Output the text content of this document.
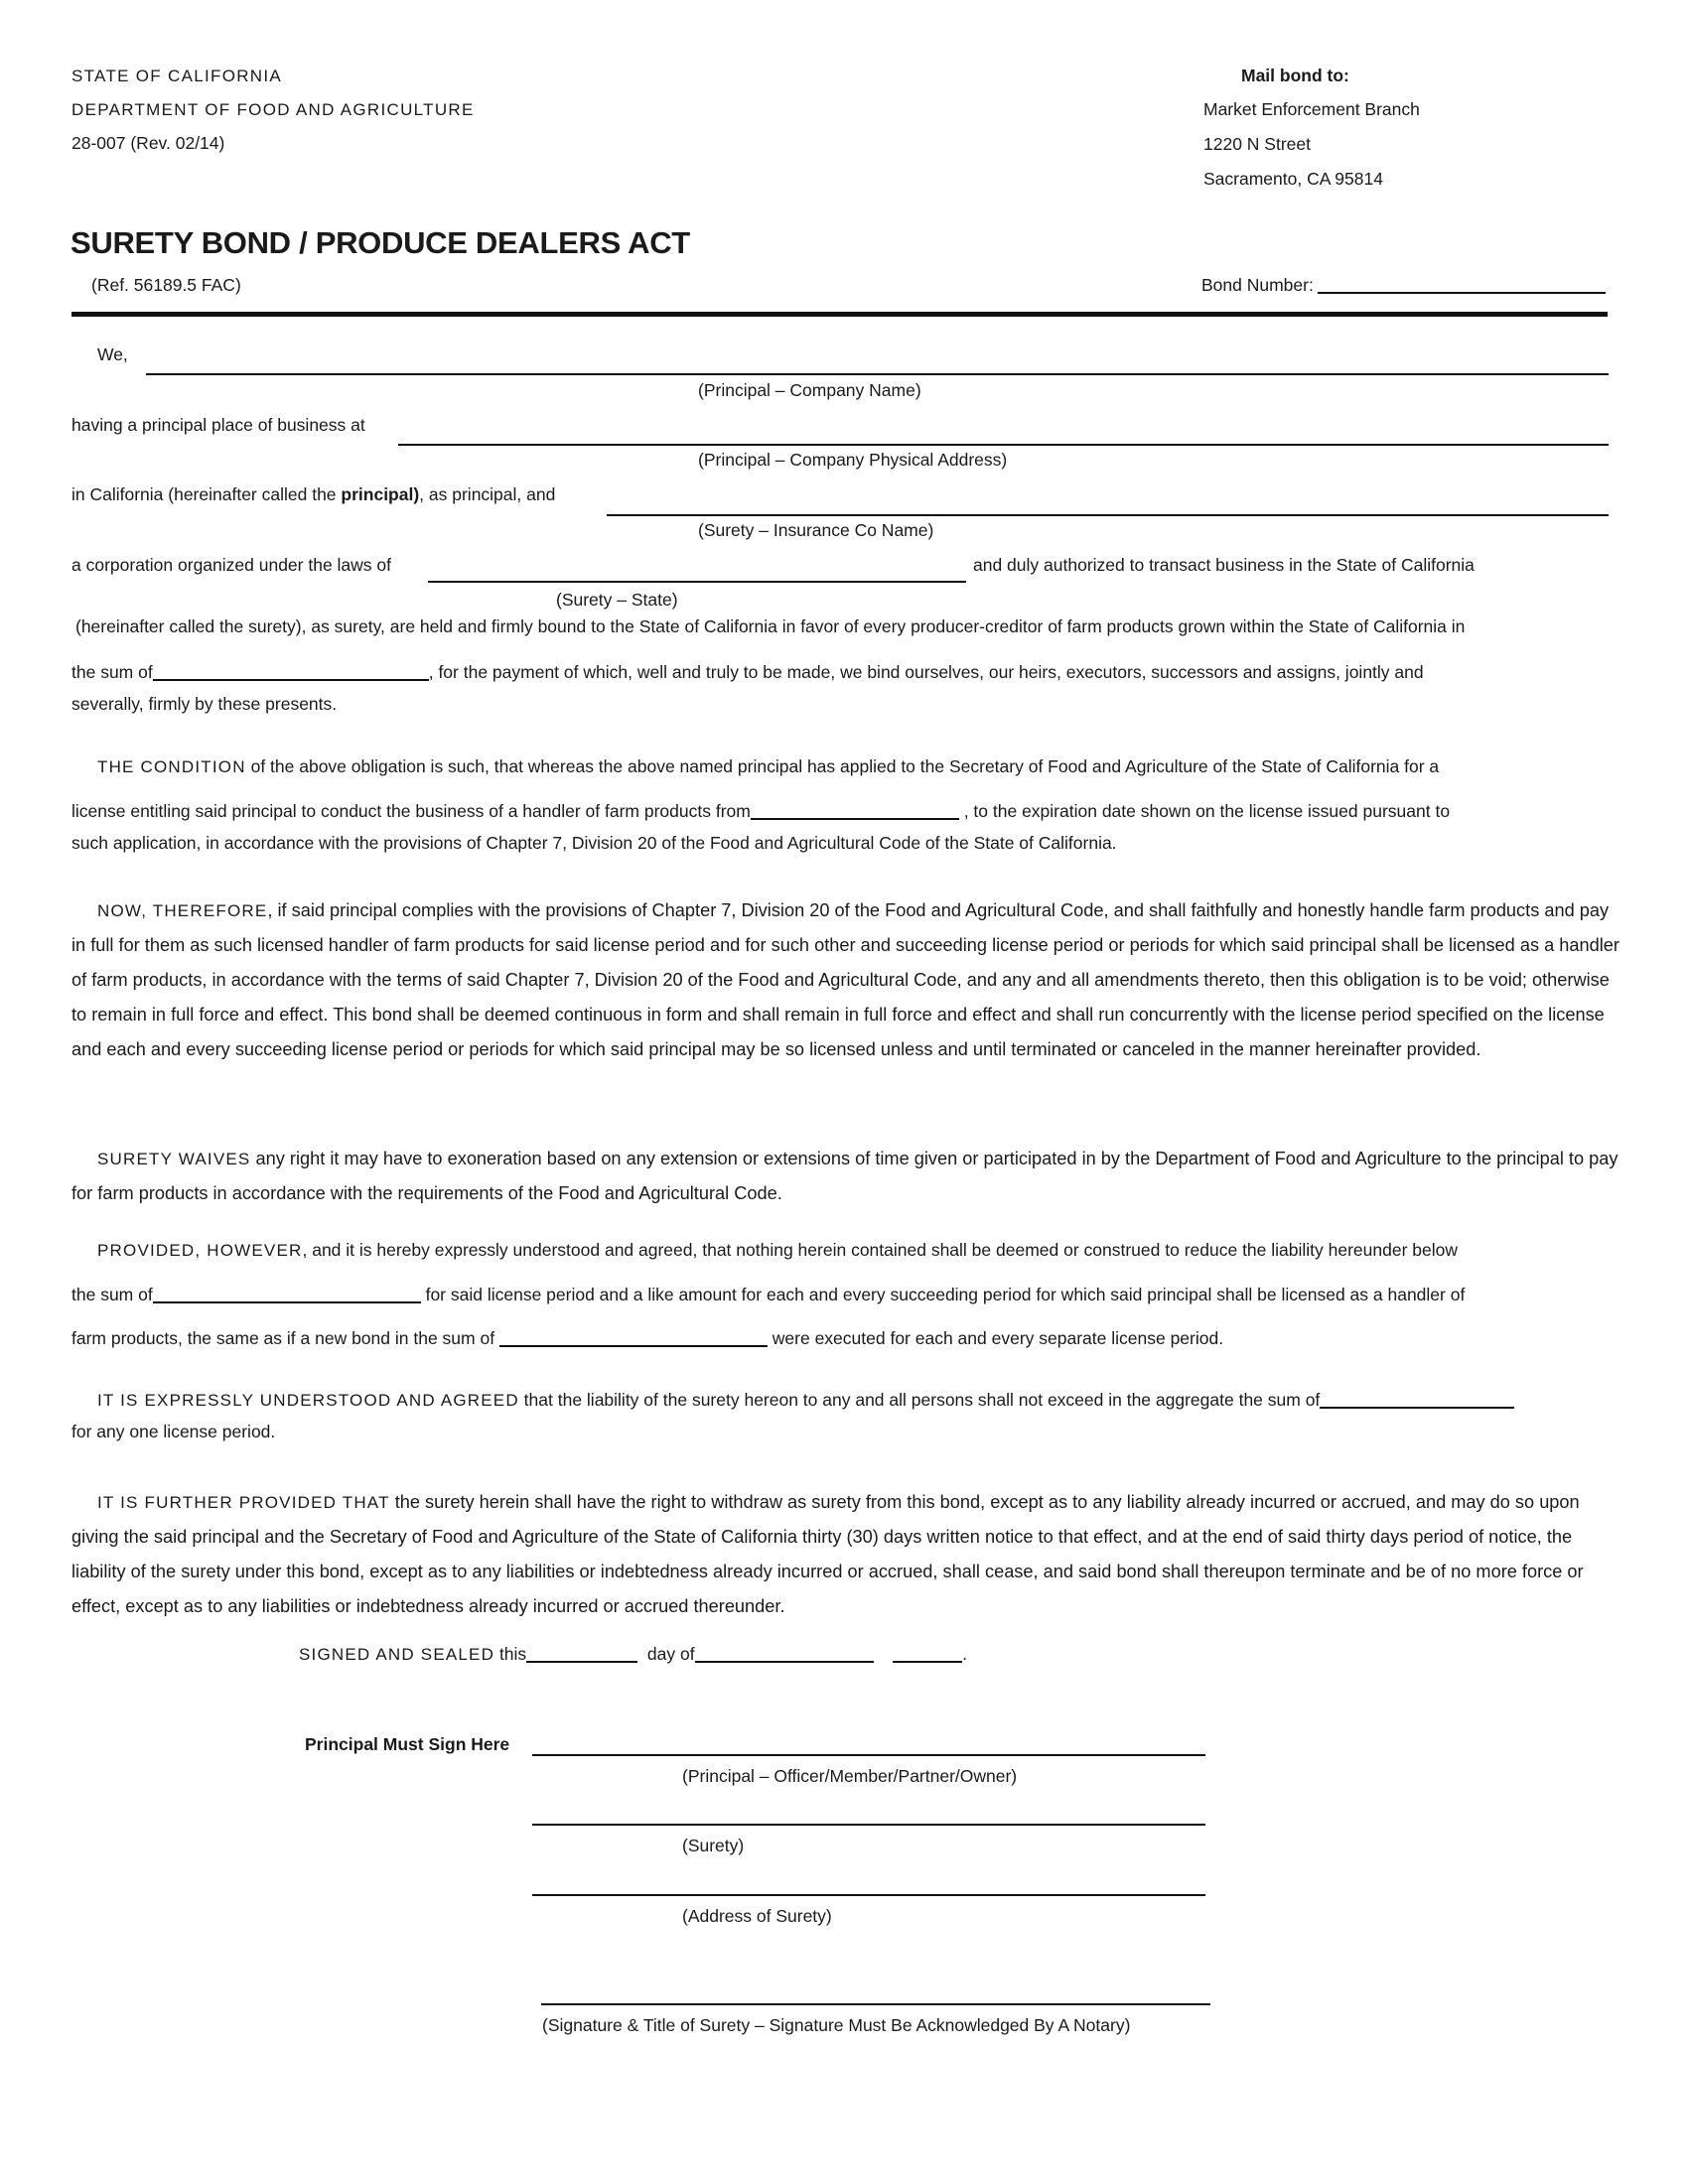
STATE OF CALIFORNIA
DEPARTMENT OF FOOD AND AGRICULTURE
28-007 (Rev. 02/14)
Mail bond to:
Market Enforcement Branch
1220 N Street
Sacramento, CA 95814
SURETY BOND / PRODUCE DEALERS ACT
(Ref. 56189.5 FAC)	Bond Number:
We,
(Principal – Company Name)
having a principal place of business at
(Principal – Company Physical Address)
in California (hereinafter called the principal), as principal, and
(Surety – Insurance Co Name)
a corporation organized under the laws of	and duly authorized to transact business in the State of California
(Surety – State)
(hereinafter called the surety), as surety, are held and firmly bound to the State of California in favor of every producer-creditor of farm products grown within the State of California in
the sum of	, for the payment of which, well and truly to be made, we bind ourselves, our heirs, executors, successors and assigns, jointly and
severally, firmly by these presents.
THE CONDITION of the above obligation is such, that whereas the above named principal has applied to the Secretary of Food and Agriculture of the State of California for a
license entitling said principal to conduct the business of a handler of farm products from	, to the expiration date shown on the license issued pursuant to
such application, in accordance with the provisions of Chapter 7, Division 20 of the Food and Agricultural Code of the State of California.
NOW, THEREFORE, if said principal complies with the provisions of Chapter 7, Division 20 of the Food and Agricultural Code, and shall faithfully and honestly handle farm products and pay in full for them as such licensed handler of farm products for said license period and for such other and succeeding license period or periods for which said principal shall be licensed as a handler of farm products, in accordance with the terms of said Chapter 7, Division 20 of the Food and Agricultural Code, and any and all amendments thereto, then this obligation is to be void; otherwise to remain in full force and effect. This bond shall be deemed continuous in form and shall remain in full force and effect and shall run concurrently with the license period specified on the license and each and every succeeding license period or periods for which said principal may be so licensed unless and until terminated or canceled in the manner hereinafter provided.
SURETY WAIVES any right it may have to exoneration based on any extension or extensions of time given or participated in by the Department of Food and Agriculture to the principal to pay for farm products in accordance with the requirements of the Food and Agricultural Code.
PROVIDED, HOWEVER, and it is hereby expressly understood and agreed, that nothing herein contained shall be deemed or construed to reduce the liability hereunder below
the sum of	for said license period and a like amount for each and every succeeding period for which said principal shall be licensed as a handler of
farm products, the same as if a new bond in the sum of	were executed for each and every separate license period.
IT IS EXPRESSLY UNDERSTOOD AND AGREED that the liability of the surety hereon to any and all persons shall not exceed in the aggregate the sum of
for any one license period.
IT IS FURTHER PROVIDED THAT the surety herein shall have the right to withdraw as surety from this bond, except as to any liability already incurred or accrued, and may do so upon giving the said principal and the Secretary of Food and Agriculture of the State of California thirty (30) days written notice to that effect, and at the end of said thirty days period of notice, the liability of the surety under this bond, except as to any liabilities or indebtedness already incurred or accrued, shall cease, and said bond shall thereupon terminate and be of no more force or effect, except as to any liabilities or indebtedness already incurred or accrued thereunder.
SIGNED AND SEALED this	day of	.
Principal Must Sign Here
(Principal – Officer/Member/Partner/Owner)
(Surety)
(Address of Surety)
(Signature & Title of Surety – Signature Must Be Acknowledged By A Notary)
